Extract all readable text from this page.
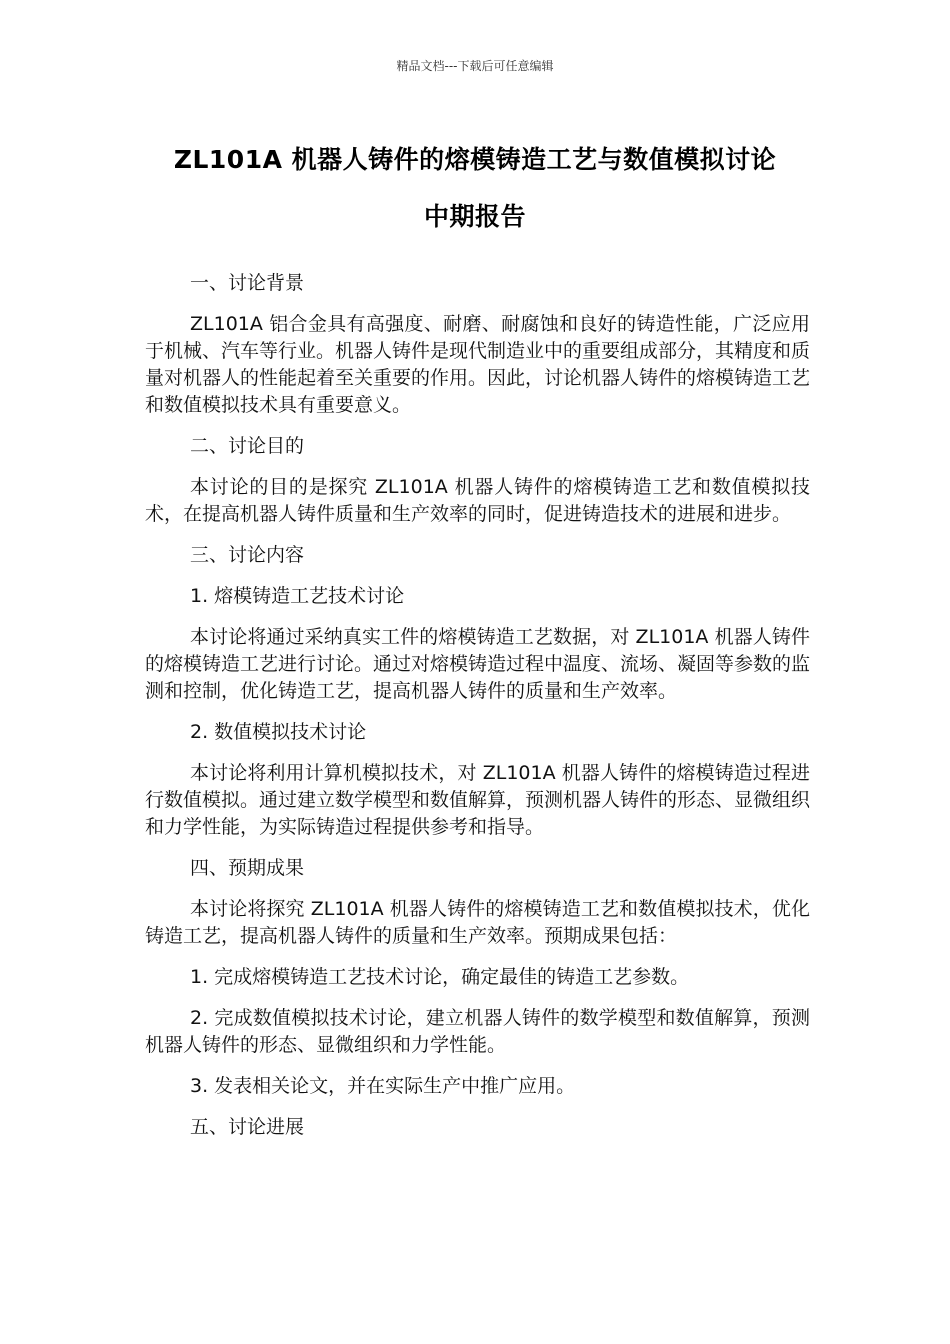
精品文档---下载后可任意编辑
ZL101A 机器人铸件的熔模铸造工艺与数值模拟讨论
中期报告

一、讨论背景

ZL101A 铝合金具有高强度、耐磨、耐腐蚀和良好的铸造性能，广泛应用于机械、汽车等行业。机器人铸件是现代制造业中的重要组成部分，其精度和质量对机器人的性能起着至关重要的作用。因此，讨论机器人铸件的熔模铸造工艺和数值模拟技术具有重要意义。

二、讨论目的

本讨论的目的是探究 ZL101A 机器人铸件的熔模铸造工艺和数值模拟技术，在提高机器人铸件质量和生产效率的同时，促进铸造技术的进展和进步。

三、讨论内容

1. 熔模铸造工艺技术讨论

本讨论将通过采纳真实工件的熔模铸造工艺数据，对 ZL101A 机器人铸件的熔模铸造工艺进行讨论。通过对熔模铸造过程中温度、流场、凝固等参数的监测和控制，优化铸造工艺，提高机器人铸件的质量和生产效率。

2. 数值模拟技术讨论

本讨论将利用计算机模拟技术，对 ZL101A 机器人铸件的熔模铸造过程进行数值模拟。通过建立数学模型和数值解算，预测机器人铸件的形态、显微组织和力学性能，为实际铸造过程提供参考和指导。

四、预期成果

本讨论将探究 ZL101A 机器人铸件的熔模铸造工艺和数值模拟技术，优化铸造工艺，提高机器人铸件的质量和生产效率。预期成果包括：

1. 完成熔模铸造工艺技术讨论，确定最佳的铸造工艺参数。

2. 完成数值模拟技术讨论，建立机器人铸件的数学模型和数值解算，预测机器人铸件的形态、显微组织和力学性能。

3. 发表相关论文，并在实际生产中推广应用。

五、讨论进展
